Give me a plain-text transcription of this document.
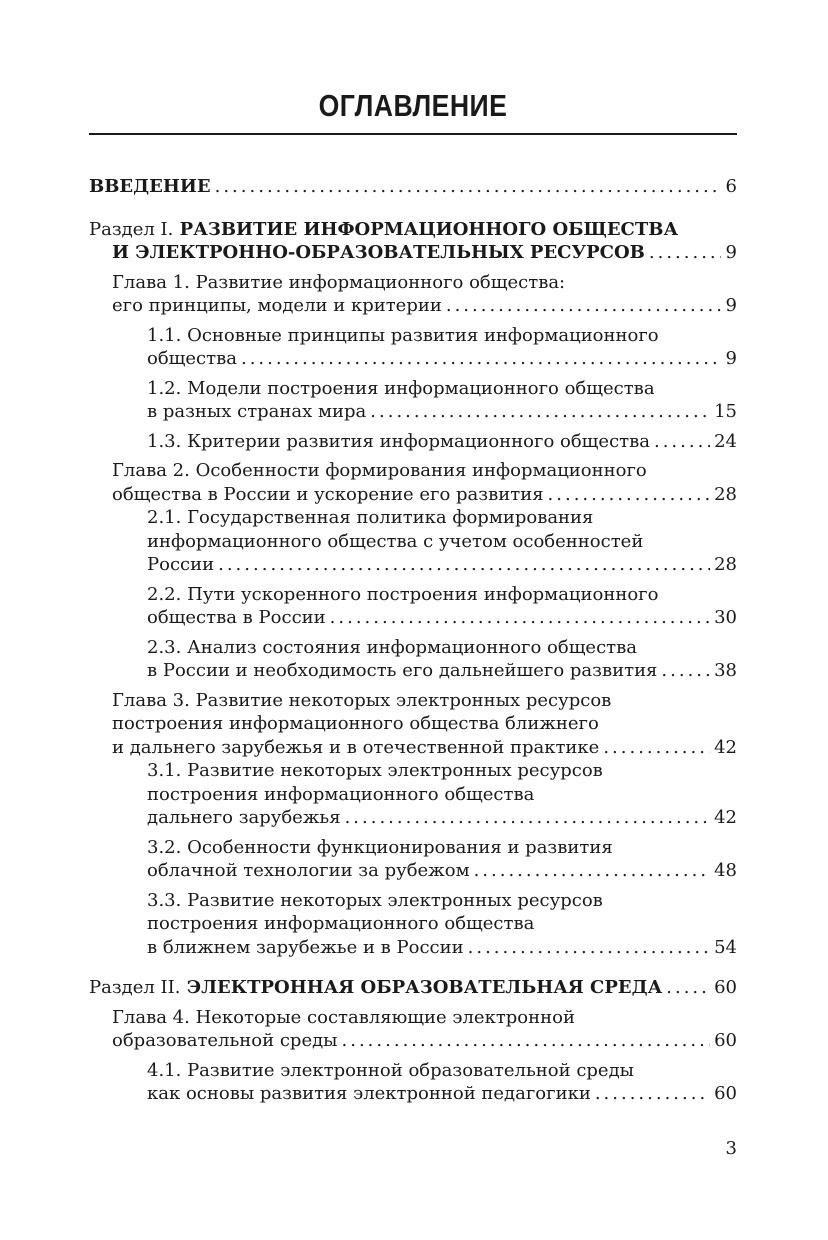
ОГЛАВЛЕНИЕ
ВВЕДЕНИЕ .....	6
Раздел I. РАЗВИТИЕ ИНФОРМАЦИОННОГО ОБЩЕСТВА
И ЭЛЕКТРОННО-ОБРАЗОВАТЕЛЬНЫХ РЕСУРСОВ .....	9
Глава 1. Развитие информационного общества:
его принципы, модели и критерии .....	9
1.1. Основные принципы развития информационного
общества .....	9
1.2. Модели построения информационного общества
в разных странах мира .....	15
1.3. Критерии развития информационного общества .....	24
Глава 2. Особенности формирования информационного
общества в России и ускорение его развития .....	28
2.1. Государственная политика формирования
информационного общества с учетом особенностей
России .....	28
2.2. Пути ускоренного построения информационного
общества в России .....	30
2.3. Анализ состояния информационного общества
в России и необходимость его дальнейшего развития .....	38
Глава 3. Развитие некоторых электронных ресурсов
построения информационного общества ближнего
и дальнего зарубежья и в отечественной практике .....	42
3.1. Развитие некоторых электронных ресурсов
построения информационного общества
дальнего зарубежья .....	42
3.2. Особенности функционирования и развития
облачной технологии за рубежом .....	48
3.3. Развитие некоторых электронных ресурсов
построения информационного общества
в ближнем зарубежье и в России .....	54
Раздел II. ЭЛЕКТРОННАЯ ОБРАЗОВАТЕЛЬНАЯ СРЕДА .....	60
Глава 4. Некоторые составляющие электронной
образовательной среды .....	60
4.1. Развитие электронной образовательной среды
как основы развития электронной педагогики .....	60
3
